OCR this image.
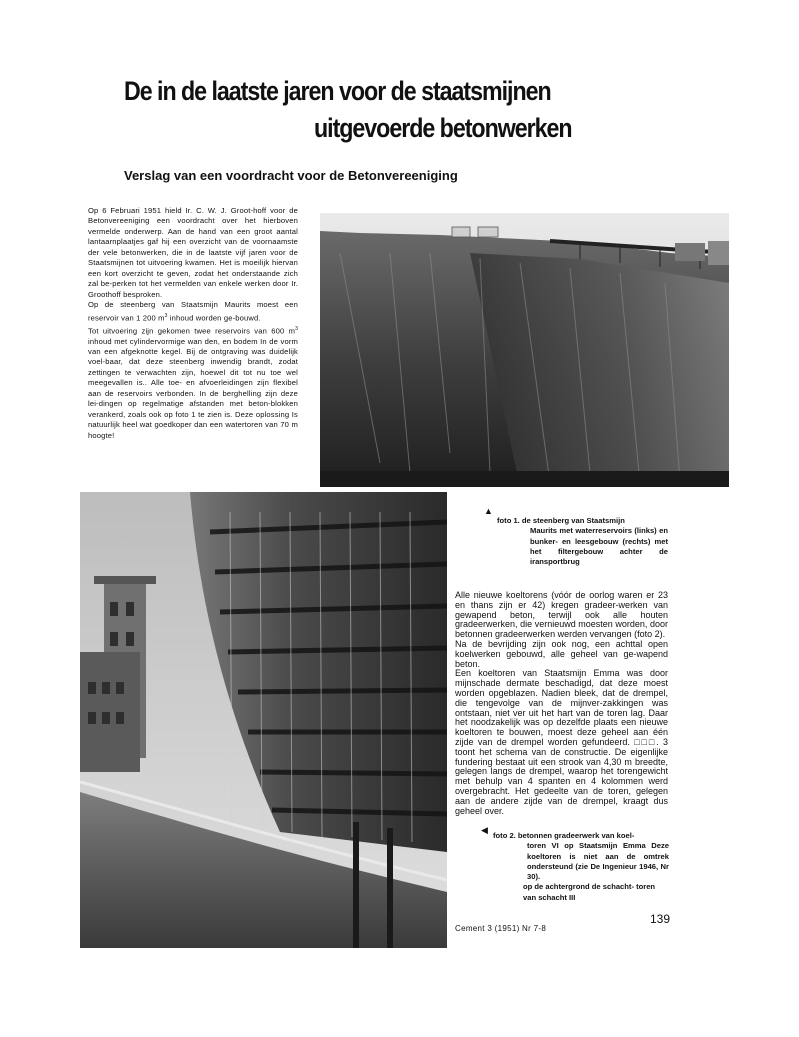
De in de laatste jaren voor de staatsmijnen
uitgevoerde betonwerken
Verslag van een voordracht voor de Betonvereeniging

Op 6 Februari 1951 hield Ir. C. W. J. Groot-hoff voor de Betonvereeniging een voordracht over het hierboven vermelde onderwerp. Aan de hand van een groot aantal lantaarnplaatjes gaf hij een overzicht van de voornaamste der vele betonwerken, die in de laatste vijf jaren voor de Staatsmijnen tot uitvoering kwamen. Het is moeilijk hiervan een kort overzicht te geven, zodat het onderstaande zich zal be-perken tot het vermelden van enkele werken door Ir. Groothoff besproken.

Op de steenberg van Staatsmijn Maurits moest een reservoir van 1 200 $m^3$ inhoud worden ge-bouwd.

Tot uitvoering zijn gekomen twee reservoirs van 600 $m^3$ inhoud met cylindervormige wan den, en bodem In de vorm van een afgeknotte kegel. Bij de ontgraving was duidelijk voel-baar, dat deze steenberg inwendig brandt, zodat zettingen te verwachten zijn, hoewel dit tot nu toe wel meegevallen is.. Alle toe- en afvoerleidingen zijn flexibel aan de reservoirs verbonden. In de berghelling zijn deze lei-dingen op regelmatige afstanden met beton-blokken verankerd, zoals ook op foto 1 te zien is. Deze oplossing Is natuurlijk heel wat goedkoper dan een watertoren van 70 m hoogte!

▲
foto 1. de steenberg van Staatsmijn
Maurits met waterreservoirs (links) en bunker- en leesgebouw (rechts) met het filtergebouw achter de iransportbrug

Alle nieuwe koeltorens (vóór de oorlog waren er 23 en thans zijn er 42) kregen gradeer-werken van gewapend beton, terwijl ook alle houten gradeerwerken, die vernieuwd moesten worden, door betonnen gradeerwerken werden vervangen (foto 2).

Na de bevrijding zijn ook nog, een achttal open koelwerken gebouwd, alle geheel van ge-wapend beton.

Een koeltoren van Staatsmijn Emma was door mijnschade dermate beschadigd, dat deze moest worden opgeblazen. Nadien bleek, dat de drempel, die tengevolge van de mijnver-zakkingen was ontstaan, niet ver uit het hart van de toren lag. Daar het noodzakelijk was op dezelfde plaats een nieuwe koeltoren te bouwen, moest deze geheel aan één zijde van de drempel worden gefundeerd. □□□. 3 toont het schema van de constructie. De eigenlijke fundering bestaat uit een strook van 4,30 m breedte, gelegen langs de drempel, waarop het torengewicht met behulp van 4 spanten en 4 kolommen werd overgebracht. Het gedeelte van de toren, gelegen aan de andere zijde van de drempel, kraagt dus geheel over.

◀
foto 2. betonnen gradeerwerk van koel-
toren VI op Staatsmijn Emma Deze koeltoren is niet aan de omtrek ondersteund (zie De Ingenieur 1946, Nr 30).
op de achtergrond de schacht- toren van schacht III
139
Cement 3 (1951) Nr 7-8
